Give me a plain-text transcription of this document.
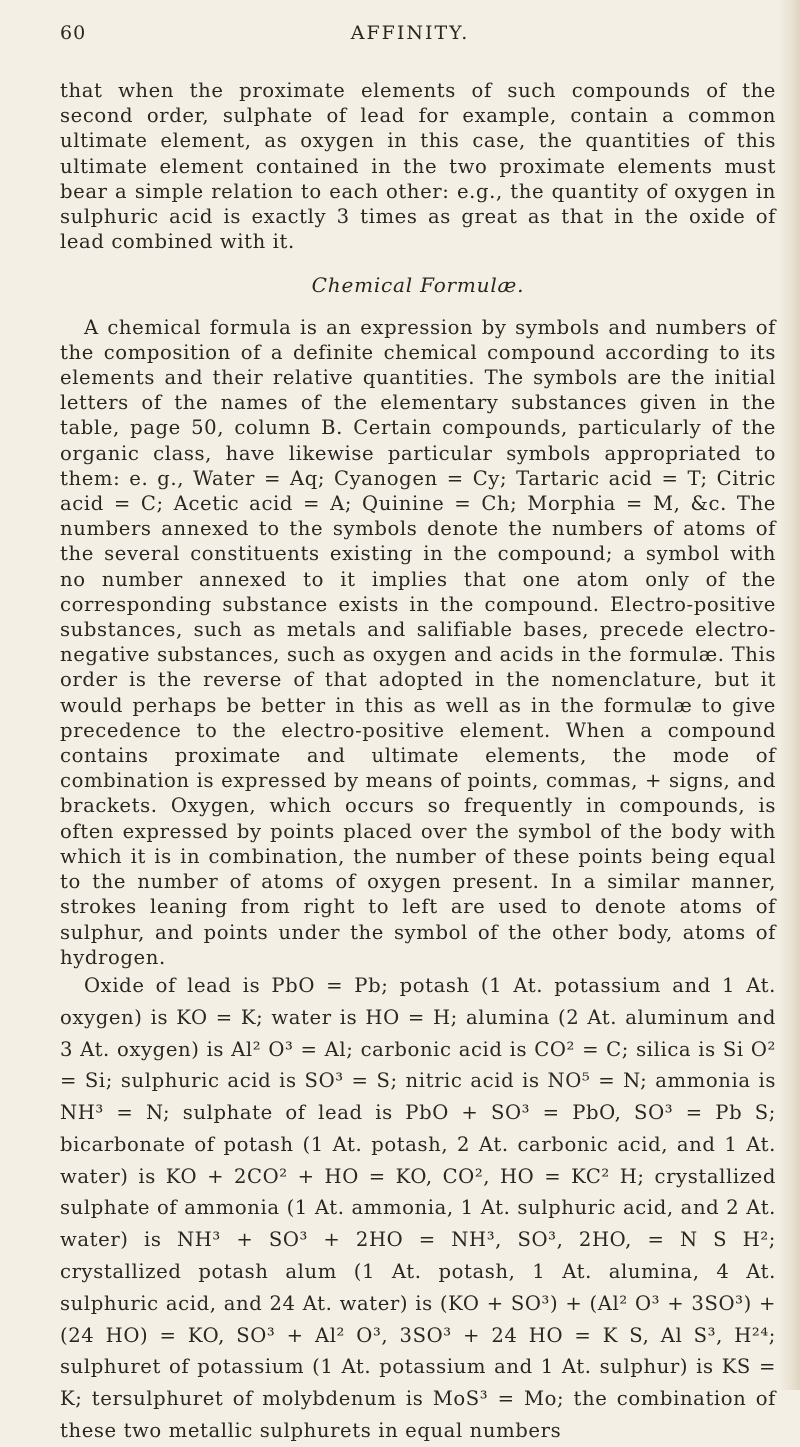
60	AFFINITY.

that when the proximate elements of such compounds of the second order, sulphate of lead for example, contain a common ultimate element, as oxygen in this case, the quantities of this ultimate element contained in the two proximate elements must bear a simple relation to each other: e.g., the quantity of oxygen in sulphuric acid is exactly 3 times as great as that in the oxide of lead combined with it.

Chemical Formulæ.

A chemical formula is an expression by symbols and numbers of the composition of a definite chemical compound according to its elements and their relative quantities. The symbols are the initial letters of the names of the elementary substances given in the table, page 50, column B. Certain compounds, particularly of the organic class, have likewise particular symbols appropriated to them: e. g., Water = Aq; Cyanogen = Cy; Tartaric acid = T; Citric acid = C; Acetic acid = A; Quinine = Ch; Morphia = M, &c. The numbers annexed to the symbols denote the numbers of atoms of the several constituents existing in the compound; a symbol with no number annexed to it implies that one atom only of the corresponding substance exists in the compound. Electro-positive substances, such as metals and salifiable bases, precede electro-negative substances, such as oxygen and acids in the formulæ. This order is the reverse of that adopted in the nomenclature, but it would perhaps be better in this as well as in the formulæ to give precedence to the electro-positive element. When a compound contains proximate and ultimate elements, the mode of combination is expressed by means of points, commas, + signs, and brackets. Oxygen, which occurs so frequently in compounds, is often expressed by points placed over the symbol of the body with which it is in combination, the number of these points being equal to the number of atoms of oxygen present. In a similar manner, strokes leaning from right to left are used to denote atoms of sulphur, and points under the symbol of the other body, atoms of hydrogen.

Oxide of lead is PbO = Pb; potash (1 At. potassium and 1 At. oxygen) is KO = K; water is HO = H; alumina (2 At. aluminum and 3 At. oxygen) is Al² O³ = Al; carbonic acid is CO² = C; silica is Si O² = Si; sulphuric acid is SO³ = S; nitric acid is NO⁵ = N; ammonia is NH³ = N; sulphate of lead is PbO + SO³ = PbO, SO³ = Pb S; bicarbonate of potash (1 At. potash, 2 At. carbonic acid, and 1 At. water) is KO + 2CO² + HO = KO, CO², HO = KC² H; crystallized sulphate of ammonia (1 At. ammonia, 1 At. sulphuric acid, and 2 At. water) is NH³ + SO³ + 2HO = NH³, SO³, 2HO, = N S H²; crystallized potash alum (1 At. potash, 1 At. alumina, 4 At. sulphuric acid, and 24 At. water) is (KO + SO³) + (Al² O³ + 3SO³) + (24 HO) = KO, SO³ + Al² O³, 3SO³ + 24 HO = K S, Al S³, H²⁴; sulphuret of potassium (1 At. potassium and 1 At. sulphur) is KS = K; tersulphuret of molybdenum is MoS³ = Mo; the combination of these two metallic sulphurets in equal numbers
